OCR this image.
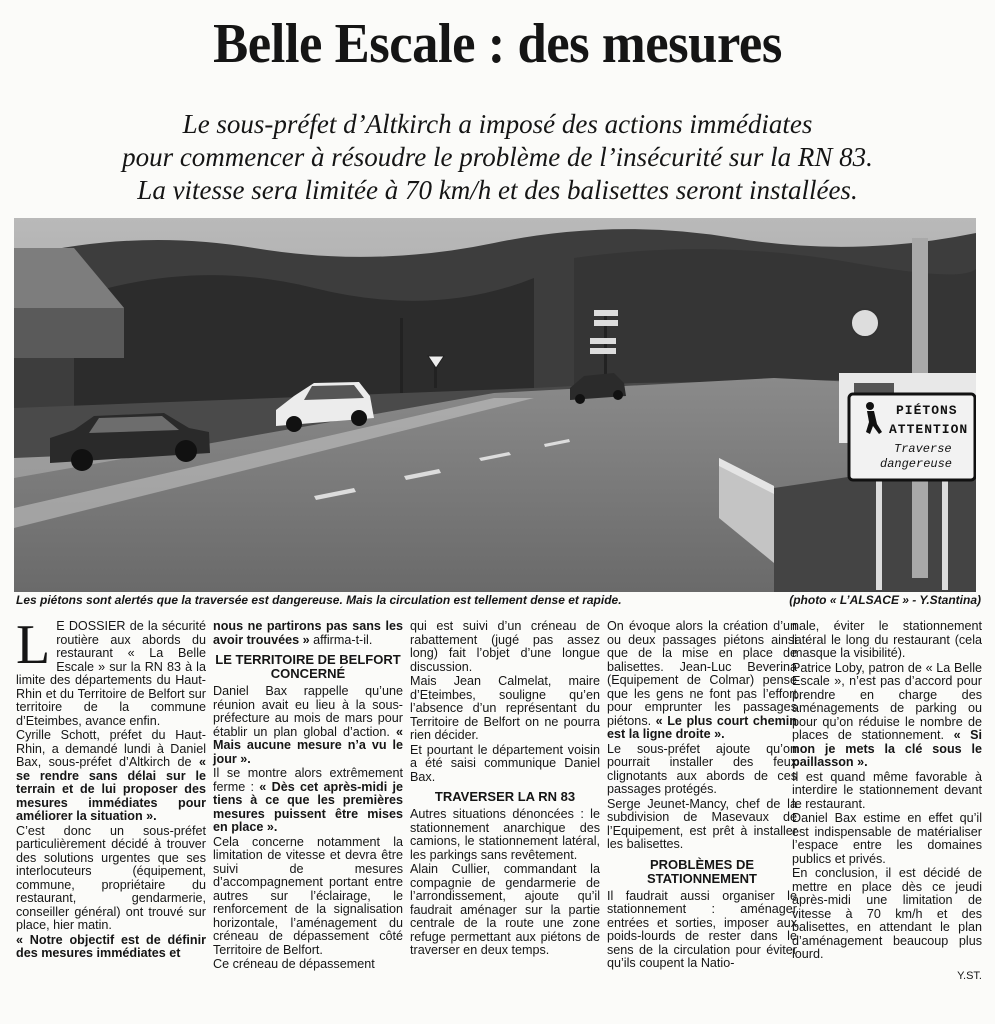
Belle Escale : des mesures
Le sous-préfet d’Altkirch a imposé des actions immédiates
pour commencer à résoudre le problème de l’insécurité sur la RN 83.
La vitesse sera limitée à 70 km/h et des balisettes seront installées.
PIÉTONS
ATTENTION
Traverse
dangereuse
Les piétons sont alertés que la traversée est dangereuse. Mais la circulation est tellement dense et rapide.	(photo « L’ALSACE » - Y.Stantina)
L E DOSSIER de la sécurité routière aux abords du restaurant « La Belle Escale » sur la RN 83 à la limite des départements du Haut-Rhin et du Territoire de Belfort sur territoire de la commune d’Eteimbes, avance enfin.

Cyrille Schott, préfet du Haut-Rhin, a demandé lundi à Daniel Bax, sous-préfet d’Altkirch de « se rendre sans délai sur le terrain et de lui proposer des mesures immédiates pour améliorer la situation ».

C’est donc un sous-préfet particulièrement décidé à trouver des solutions urgentes que ses interlocuteurs (équipement, commune, propriétaire du restaurant, gendarmerie, conseiller général) ont trouvé sur place, hier matin.

« Notre objectif est de définir des mesures immédiates et

nous ne partirons pas sans les avoir trouvées » affirma-t-il.

LE TERRITOIRE DE BELFORT CONCERNÉ

Daniel Bax rappelle qu’une réunion avait eu lieu à la sous-préfecture au mois de mars pour établir un plan global d’action. « Mais aucune mesure n’a vu le jour ».

Il se montre alors extrêmement ferme : « Dès cet après-midi je tiens à ce que les premières mesures puissent être mises en place ».

Cela concerne notamment la limitation de vitesse et devra être suivi de mesures d’accompagnement portant entre autres sur l’éclairage, le renforcement de la signalisation horizontale, l’aménagement du créneau de dépassement côté Territoire de Belfort.

Ce créneau de dépassement

qui est suivi d’un créneau de rabattement (jugé pas assez long) fait l’objet d’une longue discussion.

Mais Jean Calmelat, maire d’Eteimbes, souligne qu’en l’absence d’un représentant du Territoire de Belfort on ne pourra rien décider.

Et pourtant le département voisin a été saisi communique Daniel Bax.

TRAVERSER LA RN 83

Autres situations dénoncées : le stationnement anarchique des camions, le stationnement latéral, les parkings sans revêtement.

Alain Cullier, commandant la compagnie de gendarmerie de l’arrondissement, ajoute qu’il faudrait aménager sur la partie centrale de la route une zone refuge permettant aux piétons de traverser en deux temps.

On évoque alors la création d’un ou deux passages piétons ainsi que de la mise en place de balisettes. Jean-Luc Beverina (Equipement de Colmar) pense que les gens ne font pas l’effort pour emprunter les passages piétons. « Le plus court chemin est la ligne droite ».

Le sous-préfet ajoute qu’on pourrait installer des feux clignotants aux abords de ces passages protégés.

Serge Jeunet-Mancy, chef de la subdivision de Masevaux de l’Equipement, est prêt à installer les balisettes.

PROBLÈMES DE STATIONNEMENT

Il faudrait aussi organiser le stationnement : aménager entrées et sorties, imposer aux poids-lourds de rester dans le sens de la circulation pour éviter qu’ils coupent la Natio-

nale, éviter le stationnement latéral le long du restaurant (cela masque la visibilité).

Patrice Loby, patron de « La Belle Escale », n’est pas d’accord pour prendre en charge des aménagements de parking ou pour qu’on réduise le nombre de places de stationnement. « Si non je mets la clé sous le paillasson ».

Il est quand même favorable à interdire le stationnement devant le restaurant.

Daniel Bax estime en effet qu’il est indispensable de matérialiser l’espace entre les domaines publics et privés.

En conclusion, il est décidé de mettre en place dès ce jeudi après-midi une limitation de vitesse à 70 km/h et des balisettes, en attendant le plan d’aménagement beaucoup plus lourd.

Y.ST.
